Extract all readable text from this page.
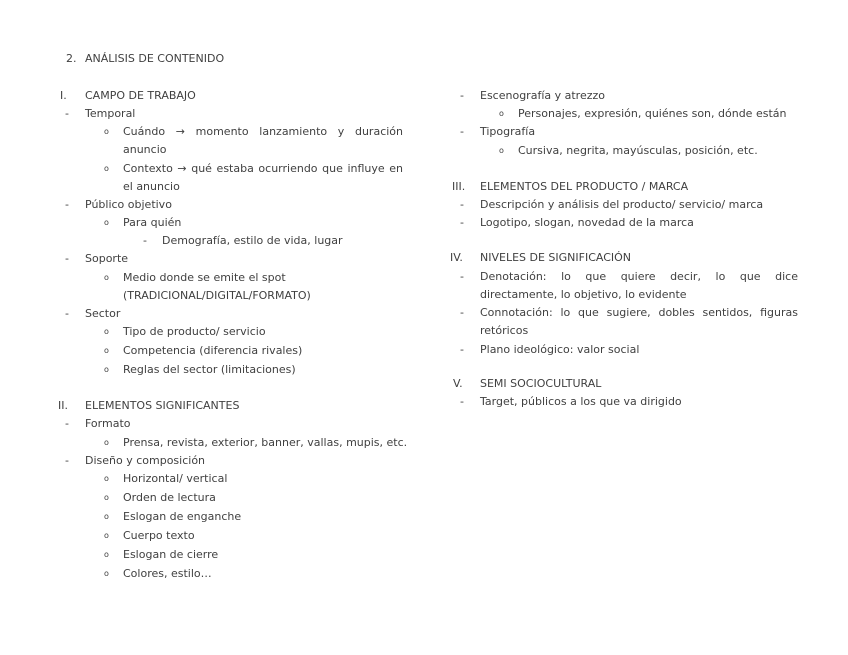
2. ANÁLISIS DE CONTENIDO
I. CAMPO DE TRABAJO
- Temporal
o Cuándo → momento lanzamiento y duración anuncio
o Contexto → qué estaba ocurriendo que influye en el anuncio
- Público objetivo
o Para quién
- Demografía, estilo de vida, lugar
- Soporte
o Medio donde se emite el spot
(TRADICIONAL/DIGITAL/FORMATO)
- Sector
o Tipo de producto/ servicio
o Competencia (diferencia rivales)
o Reglas del sector (limitaciones)
II. ELEMENTOS SIGNIFICANTES
- Formato
o Prensa, revista, exterior, banner, vallas, mupis, etc.
- Diseño y composición
o Horizontal/ vertical
o Orden de lectura
o Eslogan de enganche
o Cuerpo texto
o Eslogan de cierre
o Colores, estilo…
- Escenografía y atrezzo
o Personajes, expresión, quiénes son, dónde están
- Tipografía
o Cursiva, negrita, mayúsculas, posición, etc.
III. ELEMENTOS DEL PRODUCTO / MARCA
- Descripción y análisis del producto/ servicio/ marca
- Logotipo, slogan, novedad de la marca
IV. NIVELES DE SIGNIFICACIÓN
- Denotación: lo que quiere decir, lo que dice directamente, lo objetivo, lo evidente
- Connotación: lo que sugiere, dobles sentidos, figuras retóricos
- Plano ideológico: valor social
V. SEMI SOCIOCULTURAL
- Target, públicos a los que va dirigido
